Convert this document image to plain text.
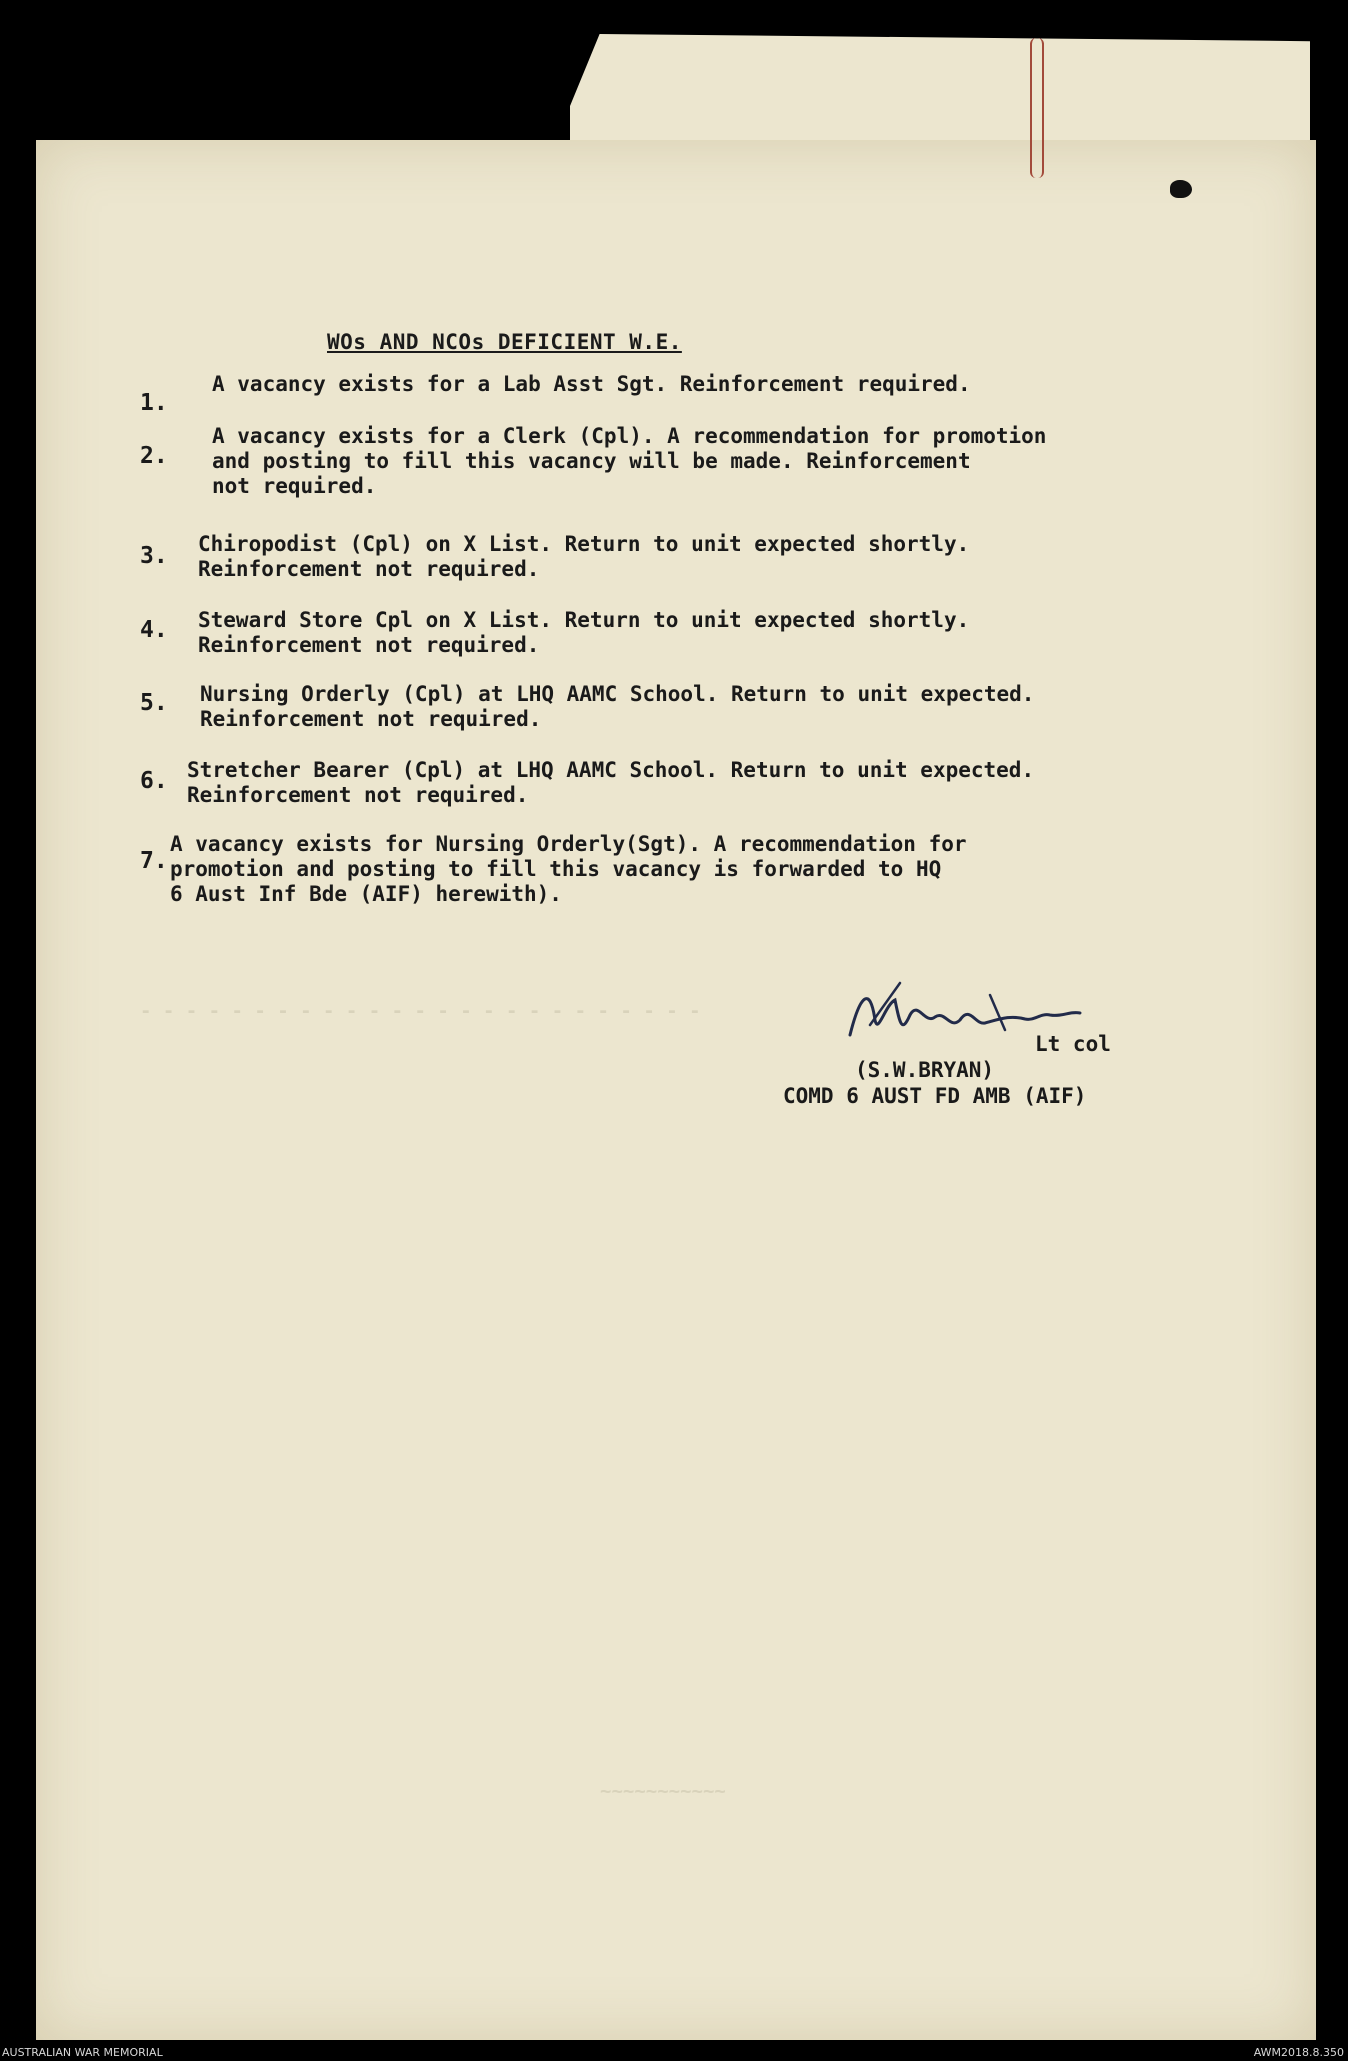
- - - - - - - - - - - - - - - - - - - - - - - - -
~~~~~~~~~~~
WOs AND NCOs DEFICIENT W.E.
1.
A vacancy exists for a Lab Asst Sgt. Reinforcement required.
2.
A vacancy exists for a Clerk (Cpl). A recommendation for promotion
and posting to fill this vacancy will be made. Reinforcement
not required.
3. Chiropodist (Cpl) on X List. Return to unit expected shortly.
Reinforcement not required.
4. Steward Store Cpl on X List. Return to unit expected shortly.
Reinforcement not required.
5. Nursing Orderly (Cpl) at LHQ AAMC School. Return to unit expected.
Reinforcement not required.
6. Stretcher Bearer (Cpl) at LHQ AAMC School. Return to unit expected.
Reinforcement not required.
7.
A vacancy exists for Nursing Orderly(Sgt). A recommendation for
promotion and posting to fill this vacancy is forwarded to HQ
6 Aust Inf Bde (AIF) herewith).
Lt col
(S.W.BRYAN)
COMD 6 AUST FD AMB (AIF)
AUSTRALIAN WAR MEMORIAL	AWM2018.8.350
